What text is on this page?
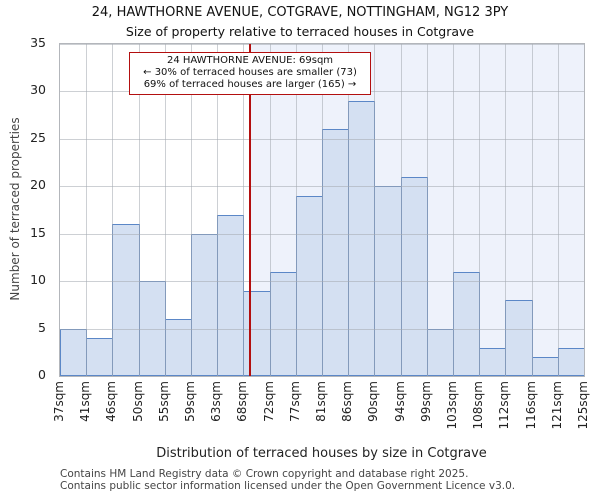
24, HAWTHORNE AVENUE, COTGRAVE, NOTTINGHAM, NG12 3PY
Size of property relative to terraced houses in Cotgrave
Number of terraced properties
24 HAWTHORNE AVENUE: 69sqm
← 30% of terraced houses are smaller (73)
69% of terraced houses are larger (165) →
0
5
10
15
20
25
30
35
37sqm 41sqm 46sqm 50sqm 55sqm 59sqm 63sqm 68sqm 72sqm 77sqm 81sqm 86sqm 90sqm 94sqm 99sqm 103sqm 108sqm 112sqm 116sqm 121sqm 125sqm
Distribution of terraced houses by size in Cotgrave
Contains HM Land Registry data © Crown copyright and database right 2025.
Contains public sector information licensed under the Open Government Licence v3.0.
